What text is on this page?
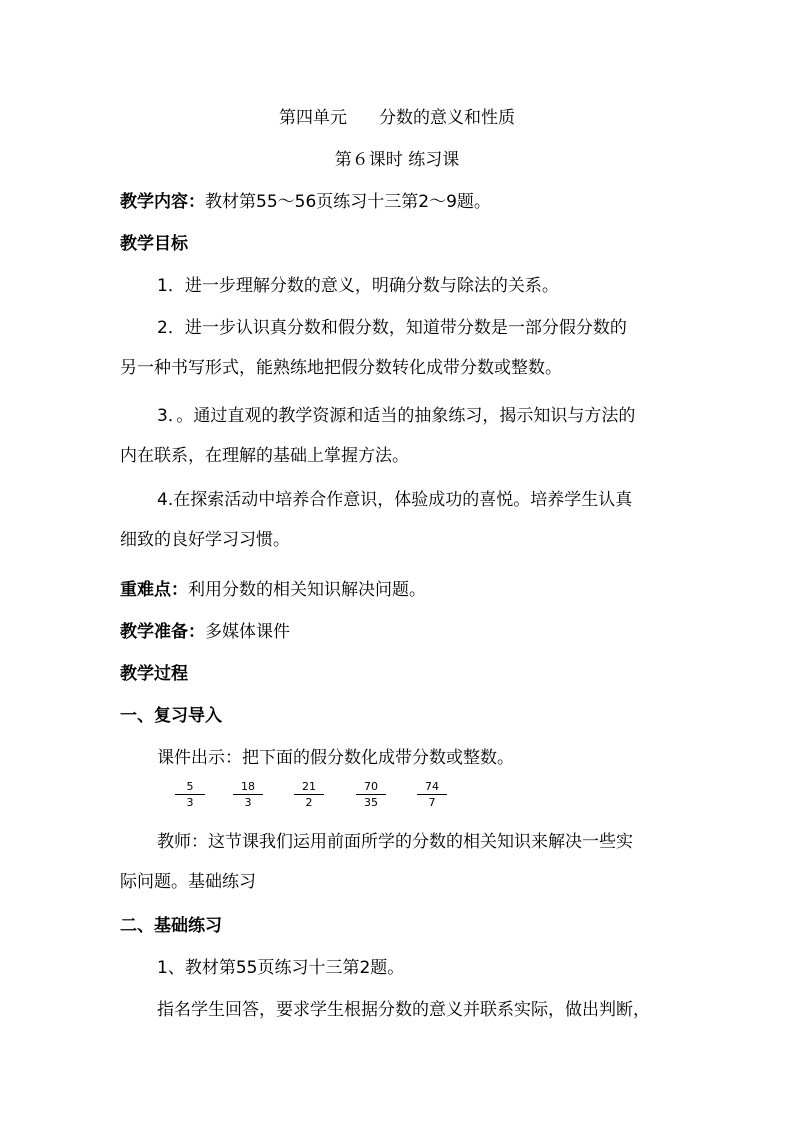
第四单元 分数的意义和性质
第６课时 练习课
教学内容：教材第55～56页练习十三第2～9题。
教学目标
1．进一步理解分数的意义，明确分数与除法的关系。
2．进一步认识真分数和假分数，知道带分数是一部分假分数的
另一种书写形式，能熟练地把假分数转化成带分数或整数。
3．。通过直观的教学资源和适当的抽象练习，揭示知识与方法的
内在联系，在理解的基础上掌握方法。
4.在探索活动中培养合作意识，体验成功的喜悦。培养学生认真
细致的良好学习习惯。
重难点：利用分数的相关知识解决问题。
教学准备：多媒体课件
教学过程
一、复习导入
课件出示：把下面的假分数化成带分数或整数。
$\frac{5}{3}$	$\frac{18}{3}$	$\frac{21}{2}$	$\frac{70}{35}$	$\frac{74}{7}$
教师：这节课我们运用前面所学的分数的相关知识来解决一些实
际问题。基础练习
二、基础练习
1、教材第55页练习十三第2题。
指名学生回答，要求学生根据分数的意义并联系实际，做出判断，
